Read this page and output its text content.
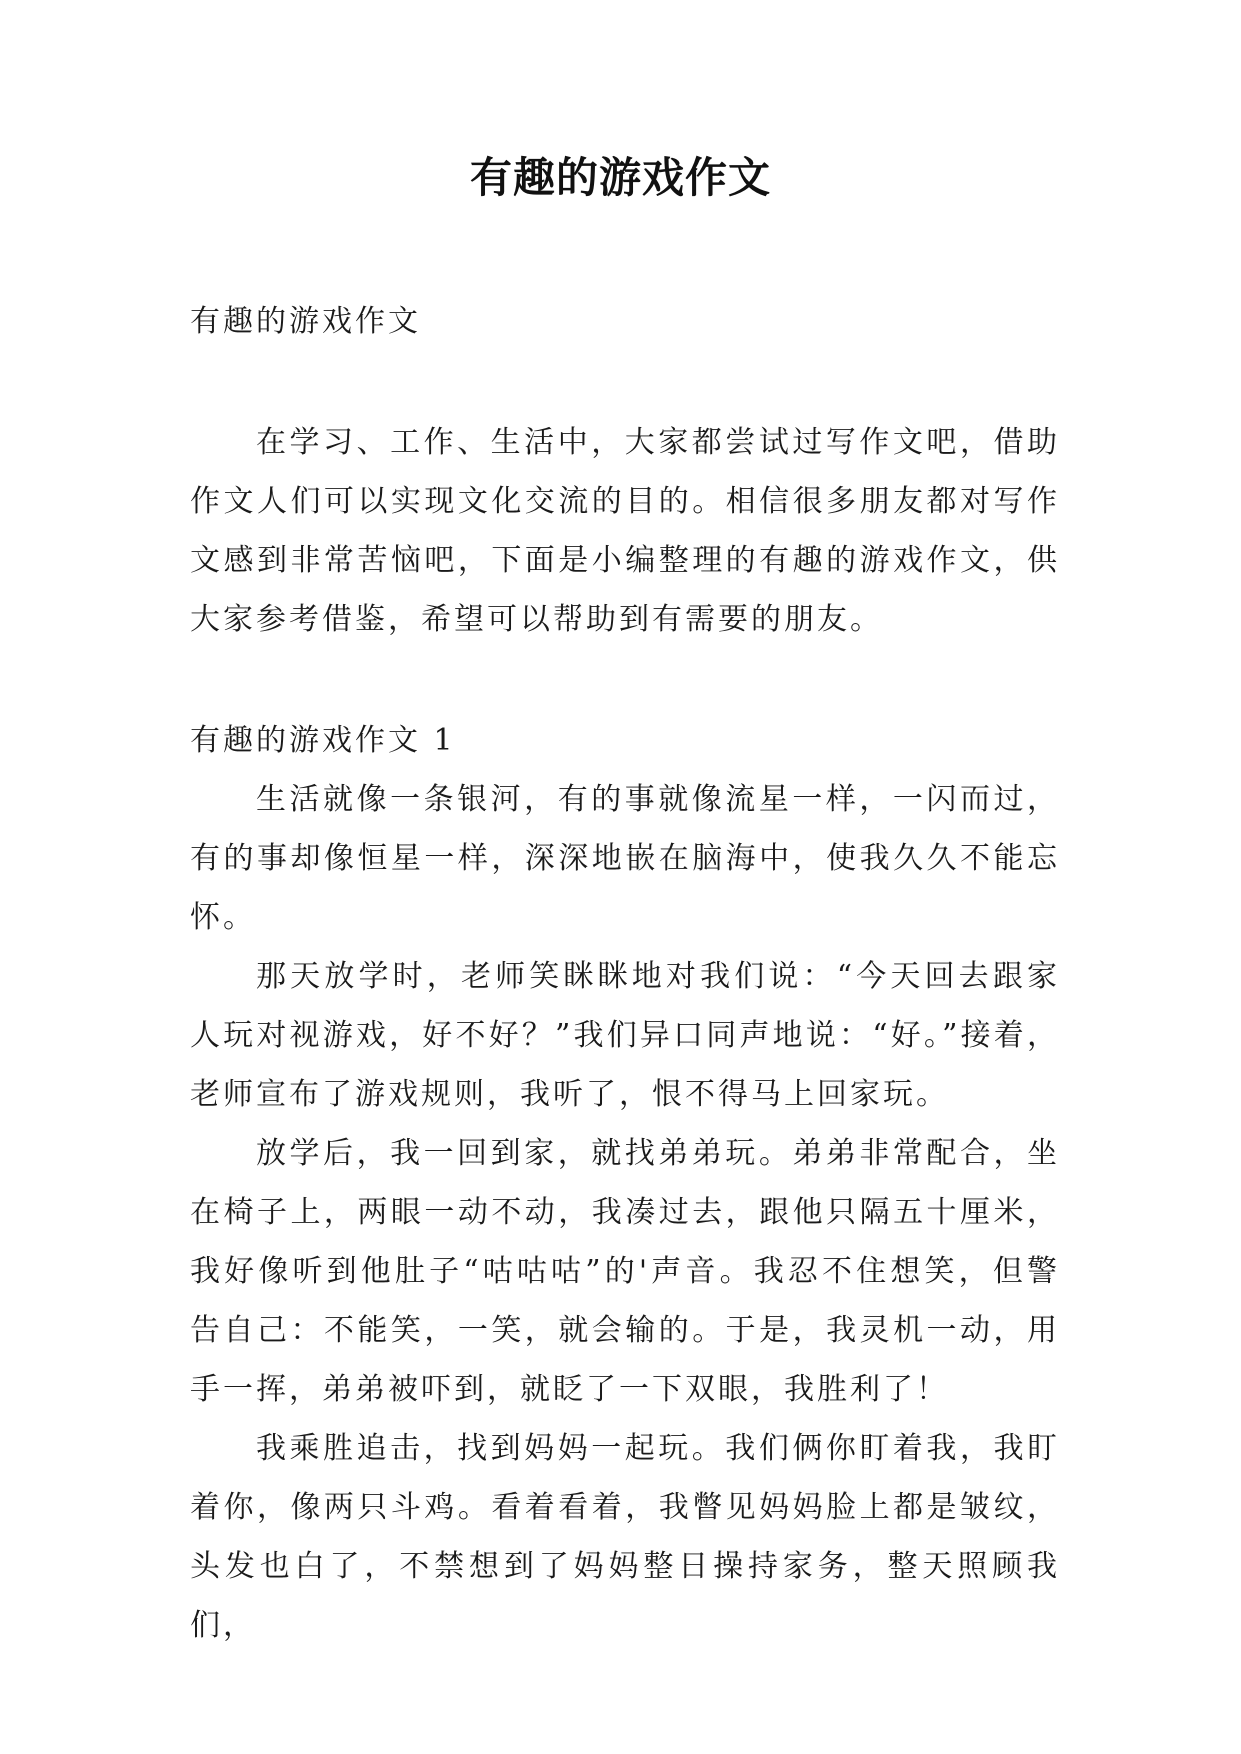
有趣的游戏作文

有趣的游戏作文

在学习、工作、生活中，大家都尝试过写作文吧，借助作文人们可以实现文化交流的目的。相信很多朋友都对写作文感到非常苦恼吧，下面是小编整理的有趣的游戏作文，供大家参考借鉴，希望可以帮助到有需要的朋友。

有趣的游戏作文 1

生活就像一条银河，有的事就像流星一样，一闪而过，有的事却像恒星一样，深深地嵌在脑海中，使我久久不能忘怀。

那天放学时，老师笑眯眯地对我们说：“今天回去跟家人玩对视游戏，好不好？”我们异口同声地说：“好。”接着，老师宣布了游戏规则，我听了，恨不得马上回家玩。

放学后，我一回到家，就找弟弟玩。弟弟非常配合，坐在椅子上，两眼一动不动，我凑过去，跟他只隔五十厘米，我好像听到他肚子“咕咕咕”的'声音。我忍不住想笑，但警告自己：不能笑，一笑，就会输的。于是，我灵机一动，用手一挥，弟弟被吓到，就眨了一下双眼，我胜利了！

我乘胜追击，找到妈妈一起玩。我们俩你盯着我，我盯着你，像两只斗鸡。看着看着，我瞥见妈妈脸上都是皱纹，头发也白了，不禁想到了妈妈整日操持家务，整天照顾我们，
